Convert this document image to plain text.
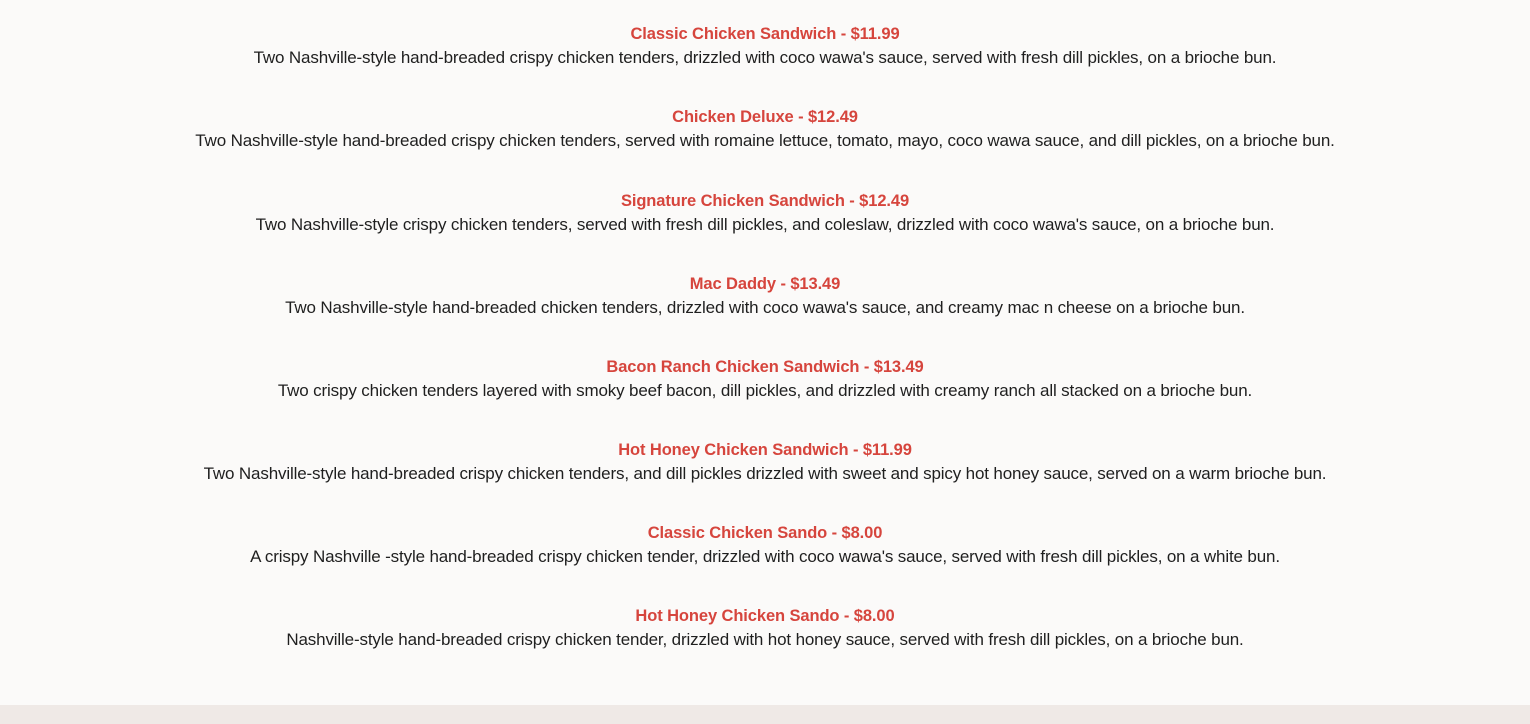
Classic Chicken Sandwich - $11.99
Two Nashville-style hand-breaded crispy chicken tenders, drizzled with coco wawa's sauce, served with fresh dill pickles, on a brioche bun.
Chicken Deluxe - $12.49
Two Nashville-style hand-breaded crispy chicken tenders, served with romaine lettuce, tomato, mayo, coco wawa sauce, and dill pickles, on a brioche bun.
Signature Chicken Sandwich - $12.49
Two Nashville-style crispy chicken tenders, served with fresh dill pickles, and coleslaw, drizzled with coco wawa's sauce, on a brioche bun.
Mac Daddy - $13.49
Two Nashville-style hand-breaded chicken tenders, drizzled with coco wawa's sauce, and creamy mac n cheese on a brioche bun.
Bacon Ranch Chicken Sandwich - $13.49
Two crispy chicken tenders layered with smoky beef bacon, dill pickles, and drizzled with creamy ranch all stacked on a brioche bun.
Hot Honey Chicken Sandwich - $11.99
Two Nashville-style hand-breaded crispy chicken tenders, and dill pickles drizzled with sweet and spicy hot honey sauce, served on a warm brioche bun.
Classic Chicken Sando - $8.00
A crispy Nashville -style hand-breaded crispy chicken tender, drizzled with coco wawa's sauce, served with fresh dill pickles, on a white bun.
Hot Honey Chicken Sando - $8.00
Nashville-style hand-breaded crispy chicken tender, drizzled with hot honey sauce, served with fresh dill pickles, on a brioche bun.
